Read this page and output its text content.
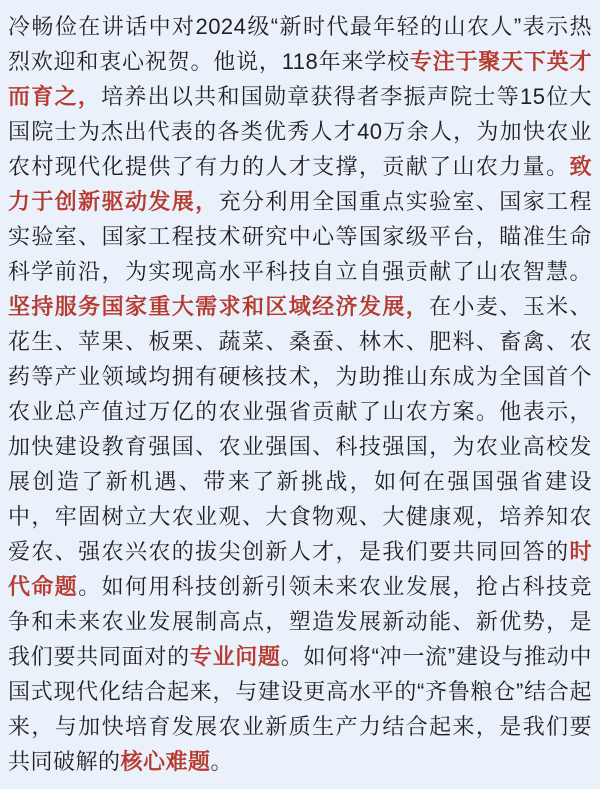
冷畅俭在讲话中对2024级“新时代最年轻的山农人”表示热烈欢迎和衷心祝贺。他说，118年来学校专注于聚天下英才而育之，培养出以共和国勋章获得者李振声院士等15位大国院士为杰出代表的各类优秀人才40万余人，为加快农业农村现代化提供了有力的人才支撑，贡献了山农力量。致力于创新驱动发展，充分利用全国重点实验室、国家工程实验室、国家工程技术研究中心等国家级平台，瞄准生命科学前沿，为实现高水平科技自立自强贡献了山农智慧。坚持服务国家重大需求和区域经济发展，在小麦、玉米、花生、苹果、板栗、蔬菜、桑蚕、林木、肥料、畜禽、农药等产业领域均拥有硬核技术，为助推山东成为全国首个农业总产值过万亿的农业强省贡献了山农方案。他表示，加快建设教育强国、农业强国、科技强国，为农业高校发展创造了新机遇、带来了新挑战，如何在强国强省建设中，牢固树立大农业观、大食物观、大健康观，培养知农爱农、强农兴农的拔尖创新人才，是我们要共同回答的时代命题。如何用科技创新引领未来农业发展，抢占科技竞争和未来农业发展制高点，塑造发展新动能、新优势，是我们要共同面对的专业问题。如何将“冲一流”建设与推动中国式现代化结合起来，与建设更高水平的“齐鲁粮仓”结合起来，与加快培育发展农业新质生产力结合起来，是我们要共同破解的核心难题。
